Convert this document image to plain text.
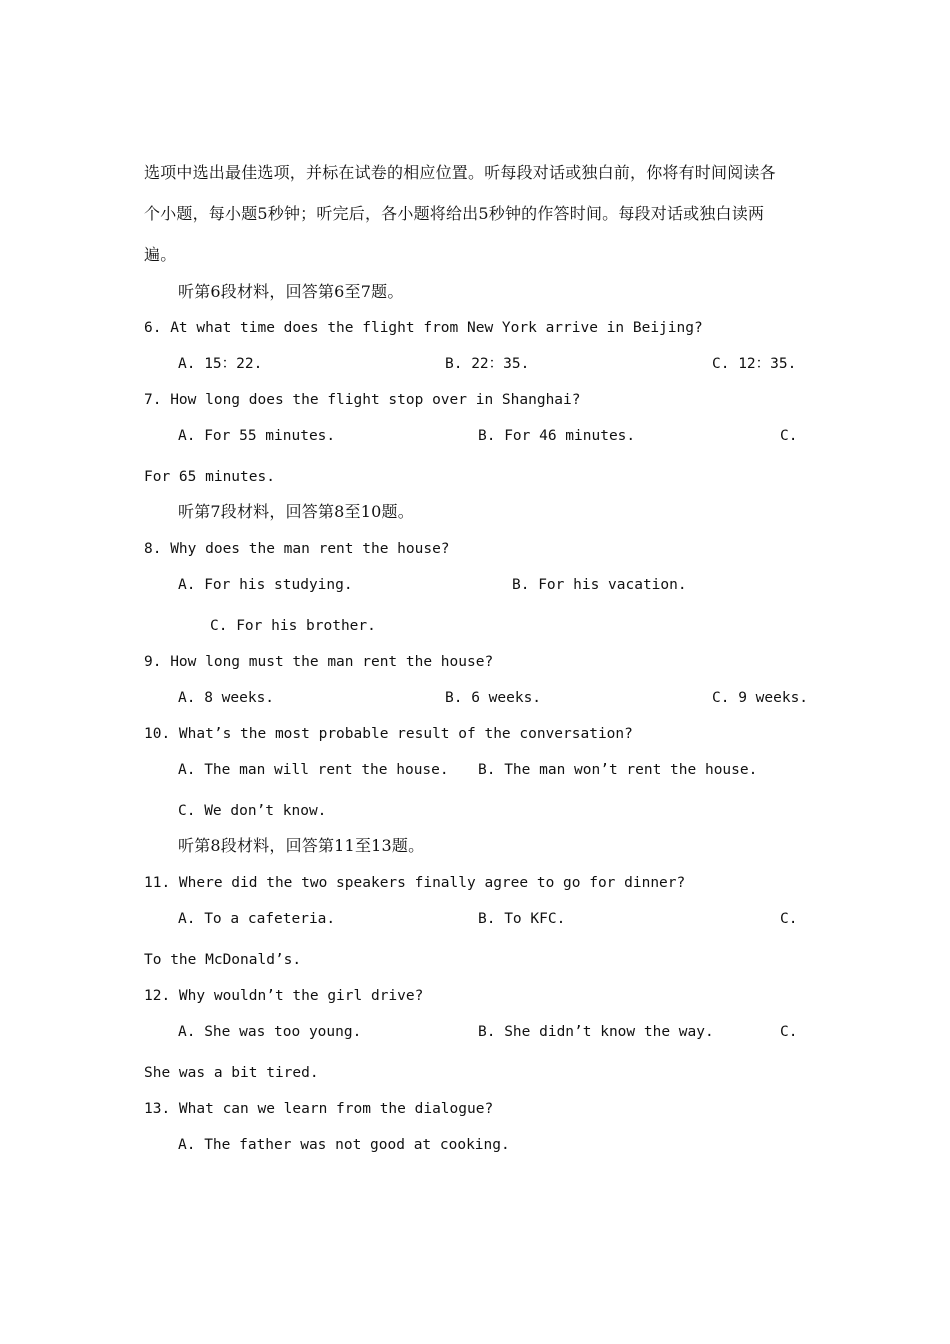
选项中选出最佳选项，并标在试卷的相应位置。听每段对话或独白前，你将有时间阅读各
个小题，每小题5秒钟；听完后，各小题将给出5秒钟的作答时间。每段对话或独白读两
遍。
听第6段材料，回答第6至7题。
6. At what time does the flight from New York arrive in Beijing?
A. 15：22.	B. 22：35.	C. 12：35.
7. How long does the flight stop over in Shanghai?
A. For 55 minutes.	B. For 46 minutes.	C.
For 65 minutes.
听第7段材料，回答第8至10题。
8. Why does the man rent the house?
A. For his studying.	B. For his vacation.
C. For his brother.
9. How long must the man rent the house?
A. 8 weeks.	B. 6 weeks.	C. 9 weeks.
10. What’s the most probable result of the conversation?
A. The man will rent the house. B. The man won’t rent the house.
C. We don’t know.
听第8段材料，回答第11至13题。
11. Where did the two speakers finally agree to go for dinner?
A. To a cafeteria.	B. To KFC.	C.
To the McDonald’s.
12. Why wouldn’t the girl drive?
A. She was too young.	B. She didn’t know the way.	C.
She was a bit tired.
13. What can we learn from the dialogue?
A. The father was not good at cooking.
